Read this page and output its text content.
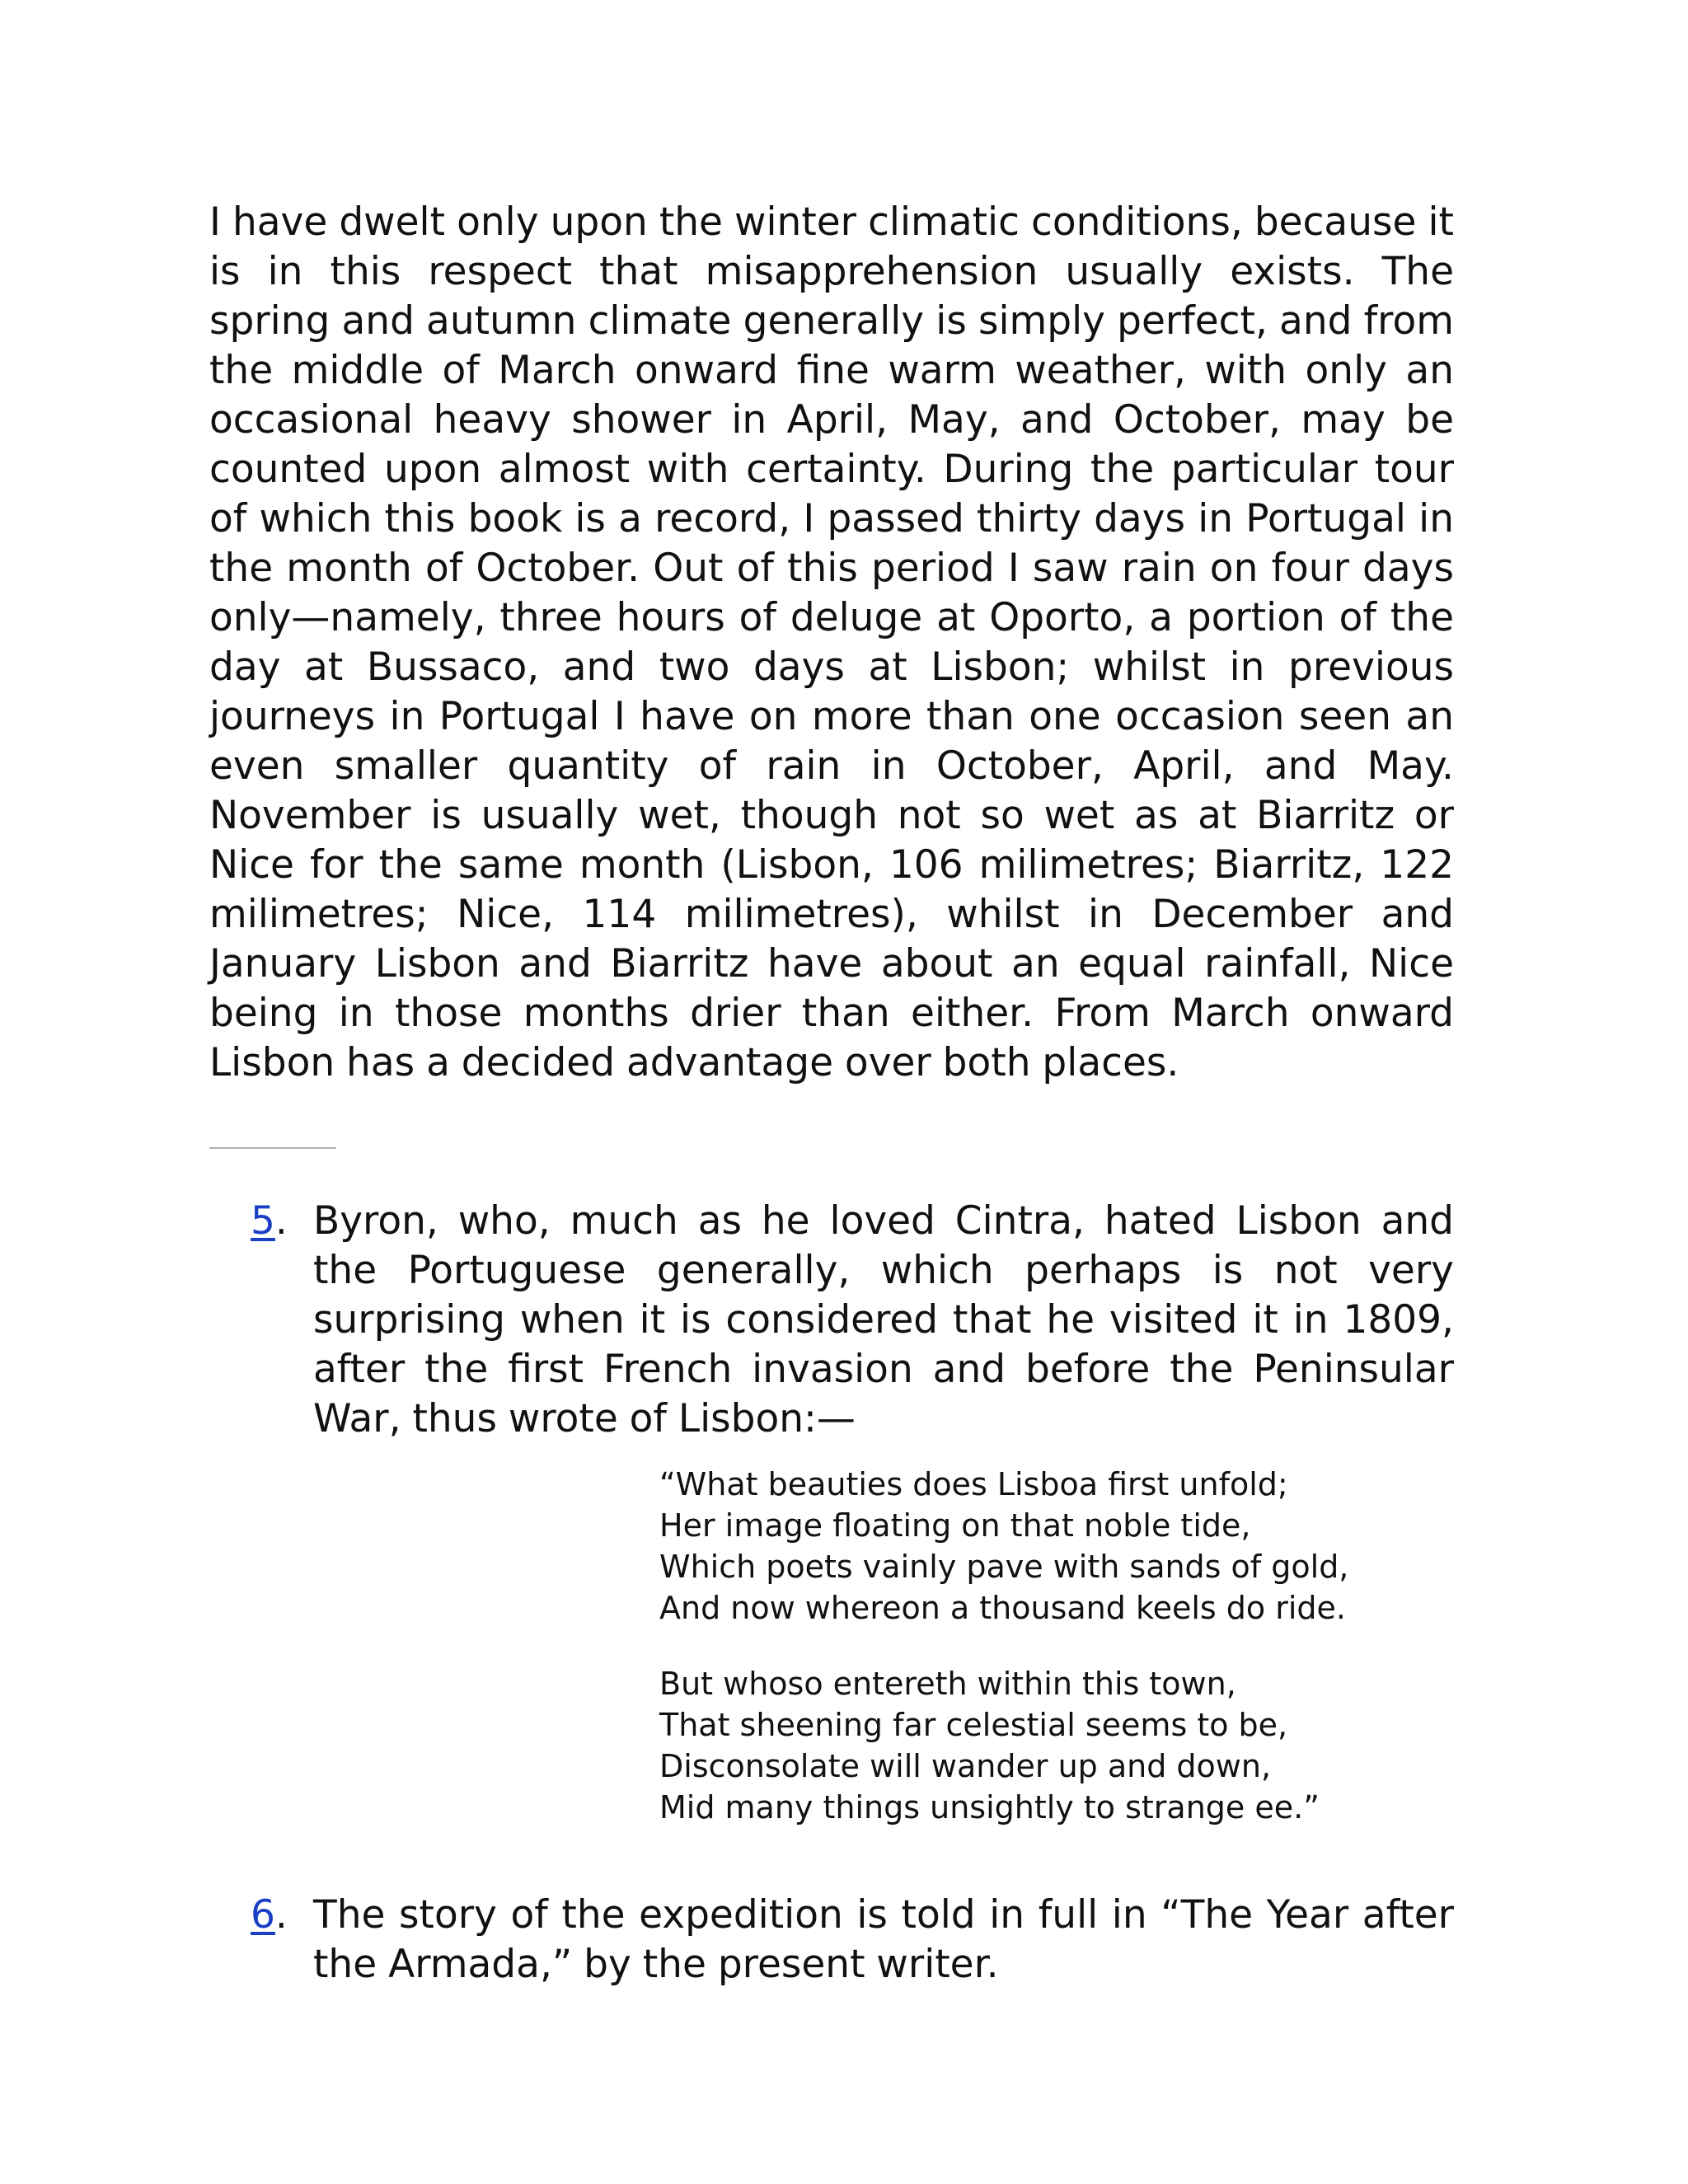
I have dwelt only upon the winter climatic conditions, because it is in this respect that misapprehension usually exists. The spring and autumn climate generally is simply perfect, and from the middle of March onward fine warm weather, with only an occasional heavy shower in April, May, and October, may be counted upon almost with certainty. During the particular tour of which this book is a record, I passed thirty days in Portugal in the month of October. Out of this period I saw rain on four days only—namely, three hours of deluge at Oporto, a portion of the day at Bussaco, and two days at Lisbon; whilst in previous journeys in Portugal I have on more than one occasion seen an even smaller quantity of rain in October, April, and May. November is usually wet, though not so wet as at Biarritz or Nice for the same month (Lisbon, 106 milimetres; Biarritz, 122 milimetres; Nice, 114 milimetres), whilst in December and January Lisbon and Biarritz have about an equal rainfall, Nice being in those months drier than either. From March onward Lisbon has a decided advantage over both places.

5. Byron, who, much as he loved Cintra, hated Lisbon and the Portuguese generally, which perhaps is not very surprising when it is considered that he visited it in 1809, after the first French invasion and before the Peninsular War, thus wrote of Lisbon:—

“What beauties does Lisboa first unfold;
Her image floating on that noble tide,
Which poets vainly pave with sands of gold,
And now whereon a thousand keels do ride.
But whoso entereth within this town,
That sheening far celestial seems to be,
Disconsolate will wander up and down,
Mid many things unsightly to strange ee.”
6. The story of the expedition is told in full in “The Year after the Armada,” by the present writer.
